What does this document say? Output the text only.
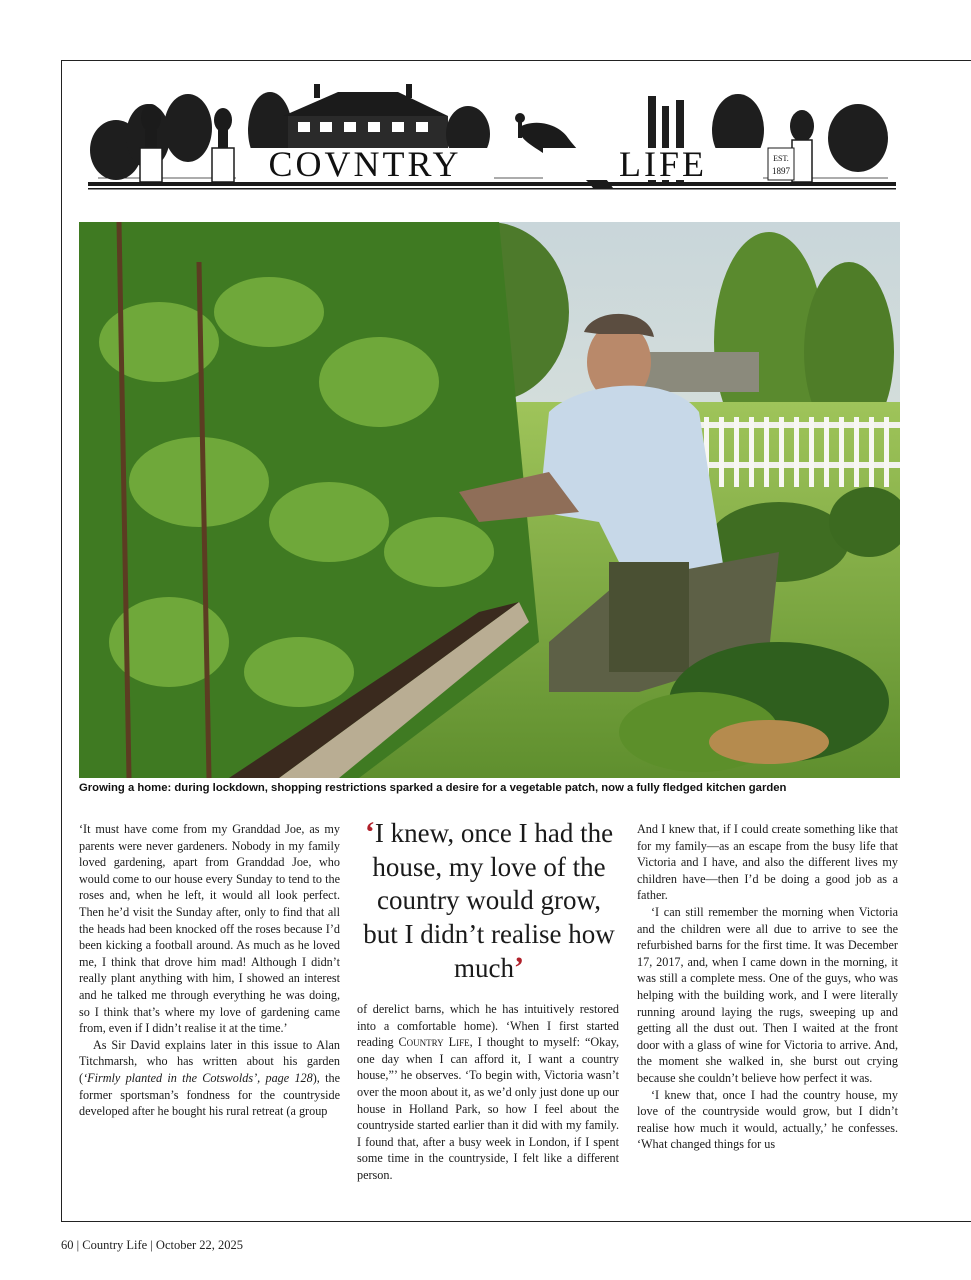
COVNTRY	LIFE	EST.
1897
Growing a home: during lockdown, shopping restrictions sparked a desire for a vegetable patch, now a fully fledged kitchen garden

‘It must have come from my Granddad Joe, as my parents were never gardeners. Nobody in my family loved gardening, apart from Granddad Joe, who would come to our house every Sunday to tend to the roses and, when he left, it would all look perfect. Then he’d visit the Sunday after, only to find that all the heads had been knocked off the roses because I’d been kicking a football around. As much as he loved me, I think that drove him mad! Although I didn’t really plant anything with him, I showed an interest and he talked me through everything he was doing, so I think that’s where my love of gardening came from, even if I didn’t realise it at the time.’

As Sir David explains later in this issue to Alan Titchmarsh, who has written about his garden (‘Firmly planted in the Cotswolds’, page 128), the former sportsman’s fondness for the countryside developed after he bought his rural retreat (a group

‘I knew, once I had the house, my love of the country would grow, but I didn’t realise how much’

of derelict barns, which he has intuitively restored into a comfortable home). ‘When I first started reading Country Life, I thought to myself: “Okay, one day when I can afford it, I want a country house,”’ he observes. ‘To begin with, Victoria wasn’t over the moon about it, as we’d only just done up our house in Holland Park, so how I feel about the countryside started earlier than it did with my family. I found that, after a busy week in London, if I spent some time in the countryside, I felt like a different person.

And I knew that, if I could create something like that for my family—as an escape from the busy life that Victoria and I have, and also the different lives my children have—then I’d be doing a good job as a father.

‘I can still remember the morning when Victoria and the children were all due to arrive to see the refurbished barns for the first time. It was December 17, 2017, and, when I came down in the morning, it was still a complete mess. One of the guys, who was helping with the building work, and I were literally running around laying the rugs, sweeping up and getting all the dust out. Then I waited at the front door with a glass of wine for Victoria to arrive. And, the moment she walked in, she burst out crying because she couldn’t believe how perfect it was.

‘I knew that, once I had the country house, my love of the countryside would grow, but I didn’t realise how much it would, actually,’ he confesses. ‘What changed things for us

60 | Country Life | October 22, 2025
